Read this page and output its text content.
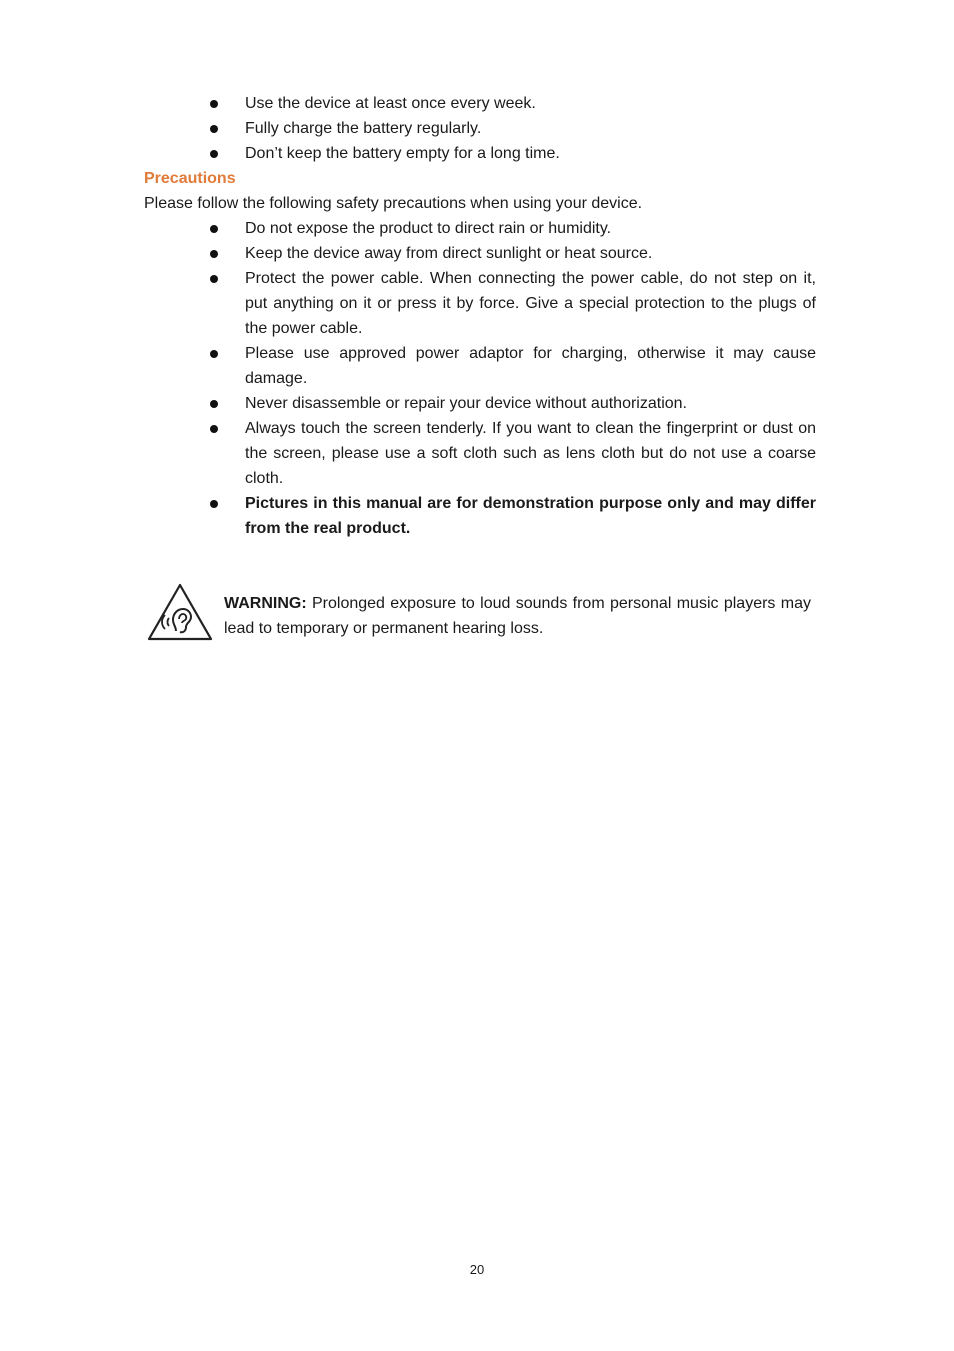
Use the device at least once every week.
Fully charge the battery regularly.
Don’t keep the battery empty for a long time.
Precautions

Please follow the following safety precautions when using your device.

Do not expose the product to direct rain or humidity.
Keep the device away from direct sunlight or heat source.
Protect the power cable. When connecting the power cable, do not step on it, put anything on it or press it by force. Give a special protection to the plugs of the power cable.
Please use approved power adaptor for charging, otherwise it may cause damage.
Never disassemble or repair your device without authorization.
Always touch the screen tenderly. If you want to clean the fingerprint or dust on the screen, please use a soft cloth such as lens cloth but do not use a coarse cloth.
Pictures in this manual are for demonstration purpose only and may differ from the real product.

WARNING: Prolonged exposure to loud sounds from personal music players may lead to temporary or permanent hearing loss.

20
